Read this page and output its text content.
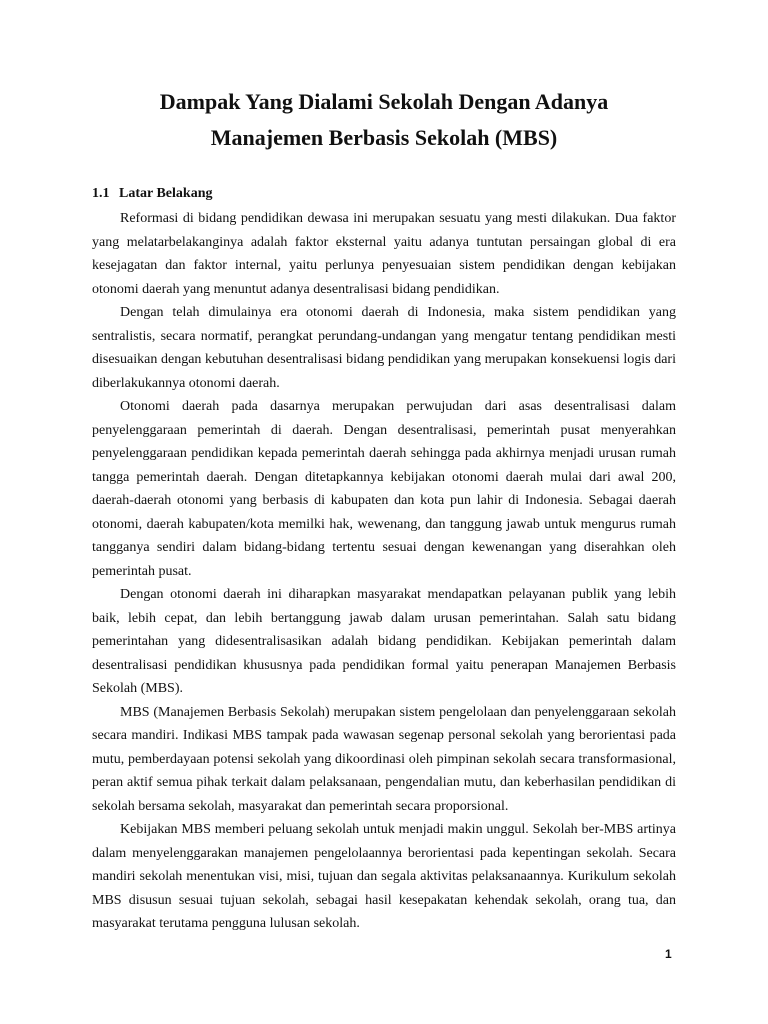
Dampak Yang Dialami Sekolah Dengan Adanya
Manajemen Berbasis Sekolah (MBS)
1.1 Latar Belakang

Reformasi di bidang pendidikan dewasa ini merupakan sesuatu yang mesti dilakukan. Dua faktor yang melatarbelakanginya adalah faktor eksternal yaitu adanya tuntutan persaingan global di era kesejagatan dan faktor internal, yaitu perlunya penyesuaian sistem pendidikan dengan kebijakan otonomi daerah yang menuntut adanya desentralisasi bidang pendidikan.

Dengan telah dimulainya era otonomi daerah di Indonesia, maka sistem pendidikan yang sentralistis, secara normatif, perangkat perundang-undangan yang mengatur tentang pendidikan mesti disesuaikan dengan kebutuhan desentralisasi bidang pendidikan yang merupakan konsekuensi logis dari diberlakukannya otonomi daerah.

Otonomi daerah pada dasarnya merupakan perwujudan dari asas desentralisasi dalam penyelenggaraan pemerintah di daerah. Dengan desentralisasi, pemerintah pusat menyerahkan penyelenggaraan pendidikan kepada pemerintah daerah sehingga pada akhirnya menjadi urusan rumah tangga pemerintah daerah. Dengan ditetapkannya kebijakan otonomi daerah mulai dari awal 200, daerah-daerah otonomi yang berbasis di kabupaten dan kota pun lahir di Indonesia. Sebagai daerah otonomi, daerah kabupaten/kota memilki hak, wewenang, dan tanggung jawab untuk mengurus rumah tangganya sendiri dalam bidang-bidang tertentu sesuai dengan kewenangan yang diserahkan oleh pemerintah pusat.

Dengan otonomi daerah ini diharapkan masyarakat mendapatkan pelayanan publik yang lebih baik, lebih cepat, dan lebih bertanggung jawab dalam urusan pemerintahan. Salah satu bidang pemerintahan yang didesentralisasikan adalah bidang pendidikan. Kebijakan pemerintah dalam desentralisasi pendidikan khususnya pada pendidikan formal yaitu penerapan Manajemen Berbasis Sekolah (MBS).

MBS (Manajemen Berbasis Sekolah) merupakan sistem pengelolaan dan penyelenggaraan sekolah secara mandiri. Indikasi MBS tampak pada wawasan segenap personal sekolah yang berorientasi pada mutu, pemberdayaan potensi sekolah yang dikoordinasi oleh pimpinan sekolah secara transformasional, peran aktif semua pihak terkait dalam pelaksanaan, pengendalian mutu, dan keberhasilan pendidikan di sekolah bersama sekolah, masyarakat dan pemerintah secara proporsional.

Kebijakan MBS memberi peluang sekolah untuk menjadi makin unggul. Sekolah ber-MBS artinya dalam menyelenggarakan manajemen pengelolaannya berorientasi pada kepentingan sekolah. Secara mandiri sekolah menentukan visi, misi, tujuan dan segala aktivitas pelaksanaannya. Kurikulum sekolah MBS disusun sesuai tujuan sekolah, sebagai hasil kesepakatan kehendak sekolah, orang tua, dan masyarakat terutama pengguna lulusan sekolah.

1
